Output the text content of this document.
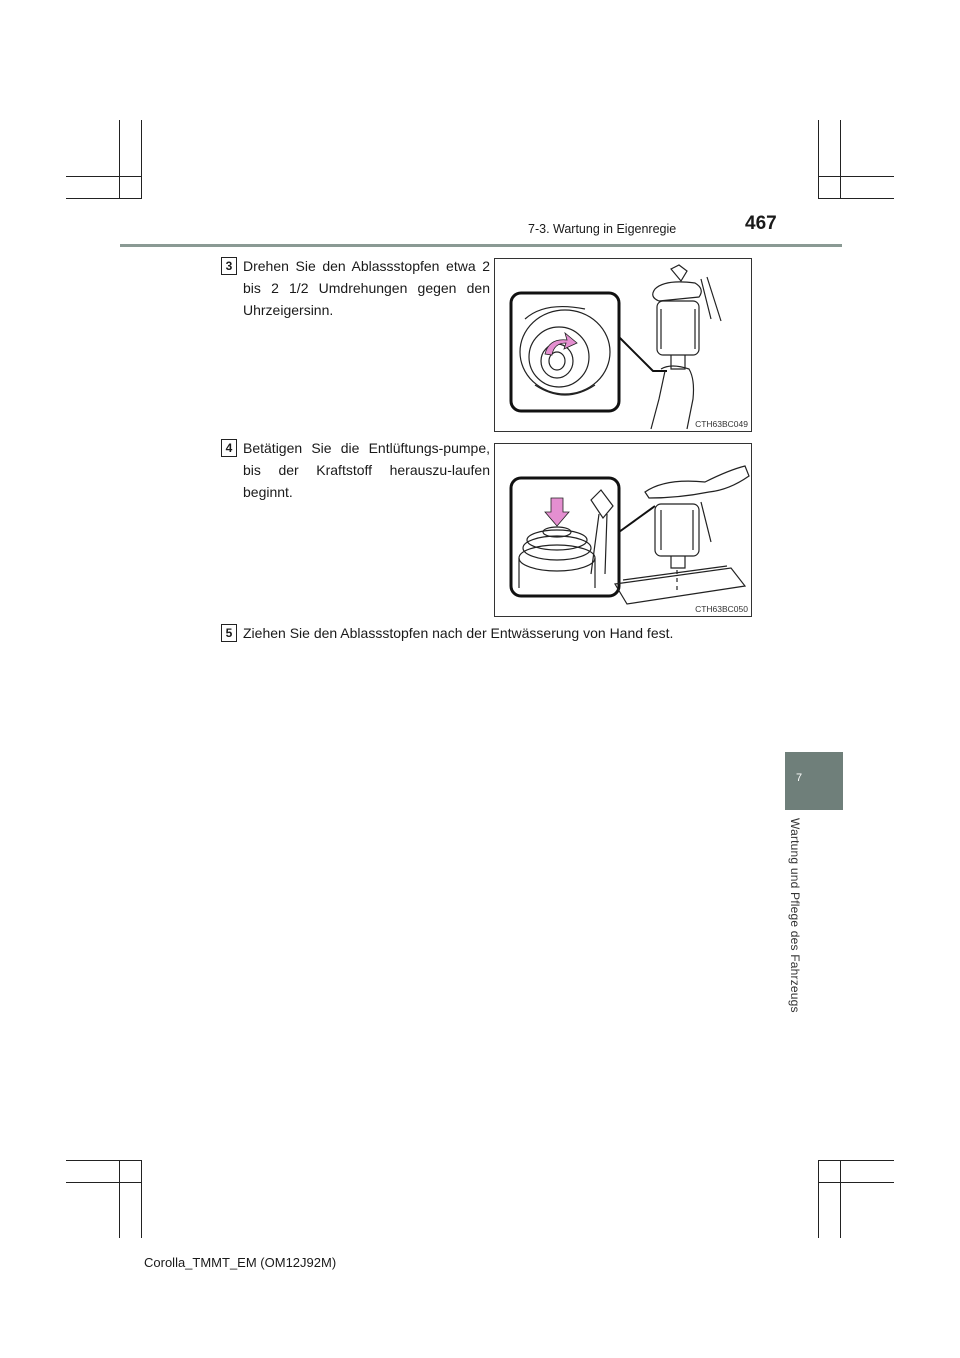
7-3. Wartung in Eigenregie	467
7
Wartung und Pflege des Fahrzeugs
3 Drehen Sie den Ablassstopfen etwa 2 bis 2 1/2 Umdrehungen gegen den Uhrzeigersinn.
CTH63BC049
4 Betätigen Sie die Entlüftungs-pumpe, bis der Kraftstoff herauszu-laufen beginnt.
CTH63BC050
5 Ziehen Sie den Ablassstopfen nach der Entwässerung von Hand fest.
Corolla_TMMT_EM (OM12J92M)
